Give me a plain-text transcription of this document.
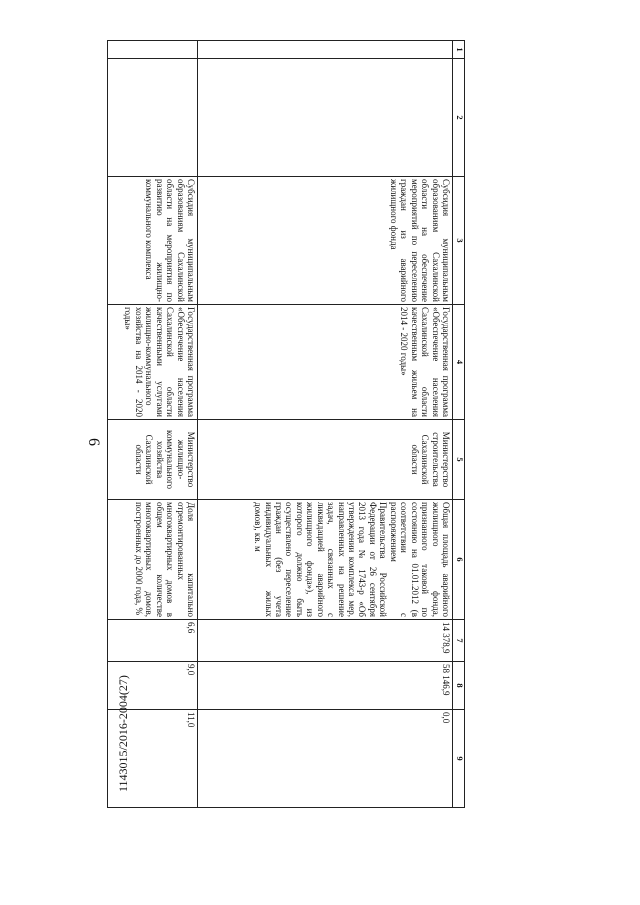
6
1	2	3	4	5	6	7	8	9
		Субсидия муниципальным образованиям Сахалинской области на обеспечение мероприятий по переселению граждан из аварийного жилищного фонда	Государственная программа «Обеспечение населения Сахалинской области качественным жильем на 2014 - 2020 годы»	Министерство строительства Сахалинской области	Общая площадь аварийного жилищного фонда, признанного таковой по состоянию на 01.01.2012 (в соответствии с распоряжением Правительства Российской Федерации от 26 сентября 2013 года № 1743-р «Об утверждении комплекса мер, направленных на решение задач, связанных с ликвидацией аварийного жилищного фонда»), из которого должно быть осуществлено переселение граждан (без учета индивидуальных жилых домов), кв. м	14 378,9	58 146,9	0,0
		Субсидия муниципальным образованиям Сахалинской области на мероприятия по развитию жилищно-коммунального комплекса	Государственная программа «Обеспечение населения Сахалинской области качественными услугами жилищно-коммунального хозяйства на 2014 - 2020 годы»	Министерство жилищно-коммунального хозяйства Сахалинской области	Доля капитально отремонтированных многоквартирных домов в общем количестве многоквартирных домов, построенных до 2000 года, %	6,6	9,0	11,0
1143015/2016-2004(27)
